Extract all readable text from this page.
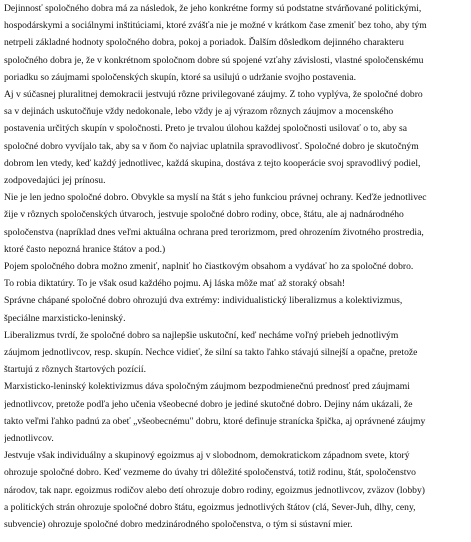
Dejinnosť spoločného dobra má za následok, že jeho konkrétne formy sú podstatne stvárňované politickými,
hospodárskymi a sociálnymi inštitúciami, ktoré zvášťa nie je možné v krátkom čase zmeniť bez toho, aby tým
netrpeli základné hodnoty spoločného dobra, pokoj a poriadok. Ďalším dôsledkom dejinného charakteru
spoločného dobra je, že v konkrétnom spoločnom dobre sú spojené vzťahy závislosti, vlastné spoločenskému
poriadku so záujmami spoločenských skupín, ktoré sa usilujú o udržanie svojho postavenia.

Aj v súčasnej pluralitnej demokracii jestvujú rôzne privilegované záujmy. Z toho vyplýva, že spoločné dobro
sa v dejinách uskutočňuje vždy nedokonale, lebo vždy je aj výrazom rôznych záujmov a mocenského
postavenia určitých skupín v spoločnosti. Preto je trvalou úlohou každej spoločnosti usilovať o to, aby sa
spoločné dobro vyvíjalo tak, aby sa v ňom čo najviac uplatnila spravodlivosť. Spoločné dobro je skutočným
dobrom len vtedy, keď každý jednotlivec, každá skupina, dostáva z tejto kooperácie svoj spravodlivý podiel,
zodpovedajúci jej prínosu.

Nie je len jedno spoločné dobro. Obvykle sa myslí na štát s jeho funkciou právnej ochrany. Keďže jednotlivec
žije v rôznych spoločenských útvaroch, jestvuje spoločné dobro rodiny, obce, štátu, ale aj nadnárodného
spoločenstva (napríklad dnes veľmi aktuálna ochrana pred terorizmom, pred ohrozením životného prostredia,
ktoré často nepozná hranice štátov a pod.)

Pojem spoločného dobra možno zmeniť, naplniť ho čiastkovým obsahom a vydávať ho za spoločné dobro.
To robia diktatúry. To je však osud každého pojmu. Aj láska môže mať až storaký obsah!

Správne chápané spoločné dobro ohrozujú dva extrémy: individualistický liberalizmus a kolektivizmus,
špeciálne marxisticko-leninský.

Liberalizmus tvrdí, že spoločné dobro sa najlepšie uskutoční, keď necháme voľný priebeh jednotlivým
záujmom jednotlivcov, resp. skupín. Nechce vidieť, že silní sa takto ľahko stávajú silnejší a opačne, pretože
štartujú z rôznych štartových pozícií.

Marxisticko-leninský kolektivizmus dáva spoločným záujmom bezpodmienečnú prednosť pred záujmami
jednotlivcov, pretože podľa jeho učenia všeobecné dobro je jediné skutočné dobro. Dejiny nám ukázali, že
takto veľmi ľahko padnú za obeť „všeobecnému" dobru, ktoré definuje stranícka špička, aj oprávnené záujmy
jednotlivcov.

Jestvuje však individuálny a skupinový egoizmus aj v slobodnom, demokratickom západnom svete, ktorý
ohrozuje spoločné dobro. Keď vezmeme do úvahy tri dôležité spoločenstvá, totiž rodinu, štát, spoločenstvo
národov, tak napr. egoizmus rodičov alebo detí ohrozuje dobro rodiny, egoizmus jednotlivcov, zväzov (lobby)
a politických strán ohrozuje spoločné dobro štátu, egoizmus jednotlivých štátov (clá, Sever-Juh, dlhy, ceny,
subvencie) ohrozuje spoločné dobro medzinárodného spoločenstva, o tým si sústavní mier.
